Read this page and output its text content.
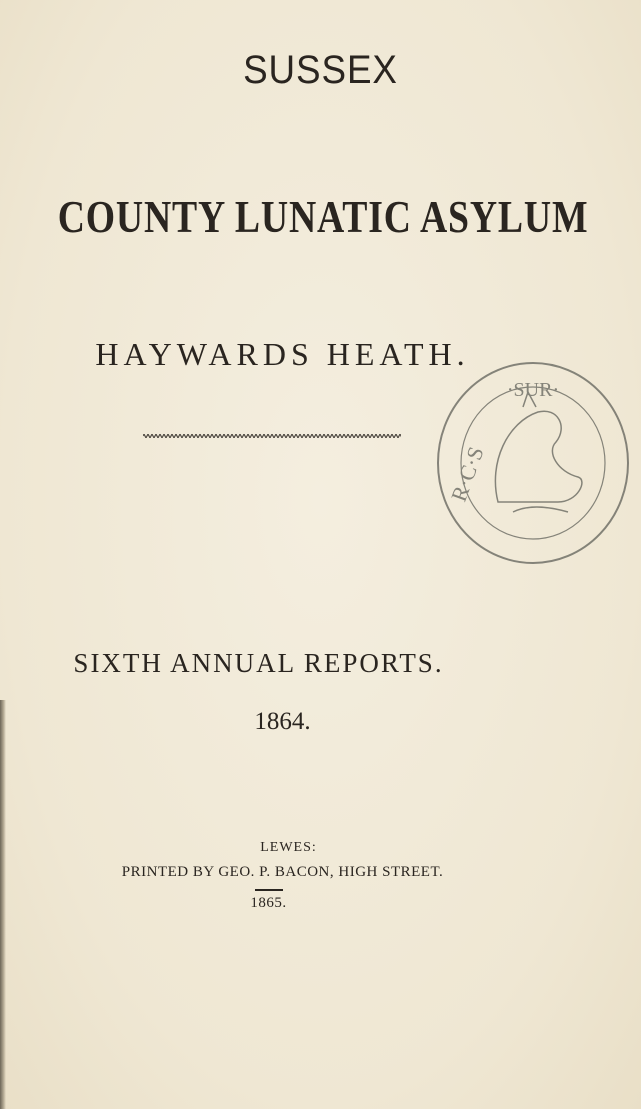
SUSSEX
COUNTY LUNATIC ASYLUM
HAYWARDS HEATH.
R·C·S
·SUR·
SIXTH ANNUAL REPORTS.
1864.
LEWES:
PRINTED BY GEO. P. BACON, HIGH STREET.
1865.
